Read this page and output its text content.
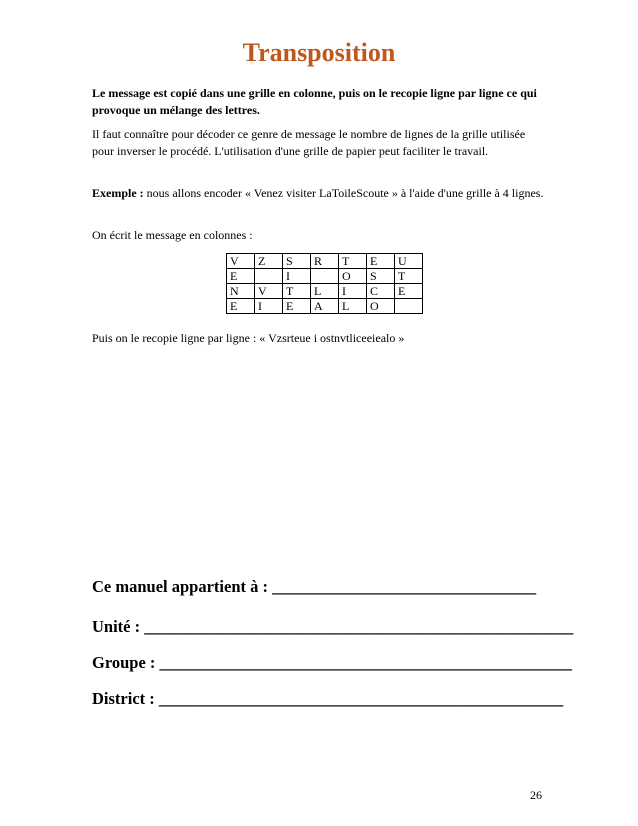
Transposition

Le message est copié dans une grille en colonne, puis on le recopie ligne par ligne ce qui provoque un mélange des lettres.

Il faut connaître pour décoder ce genre de message le nombre de lignes de la grille utilisée pour inverser le procédé. L'utilisation d'une grille de papier peut faciliter le travail.

Exemple : nous allons encoder « Venez visiter LaToileScoute » à l'aide d'une grille à 4 lignes.

On écrit le message en colonnes :

V	Z	S	R	T	E	U
E		I		O	S	T
N	V	T	L	I	C	E
E	I	E	A	L	O	

Puis on le recopie ligne par ligne : « Vzsrteue i ostnvtliceeiealo »

Ce manuel appartient à : ________________________________

Unité : ____________________________________________________

Groupe : __________________________________________________

District : _________________________________________________

26
